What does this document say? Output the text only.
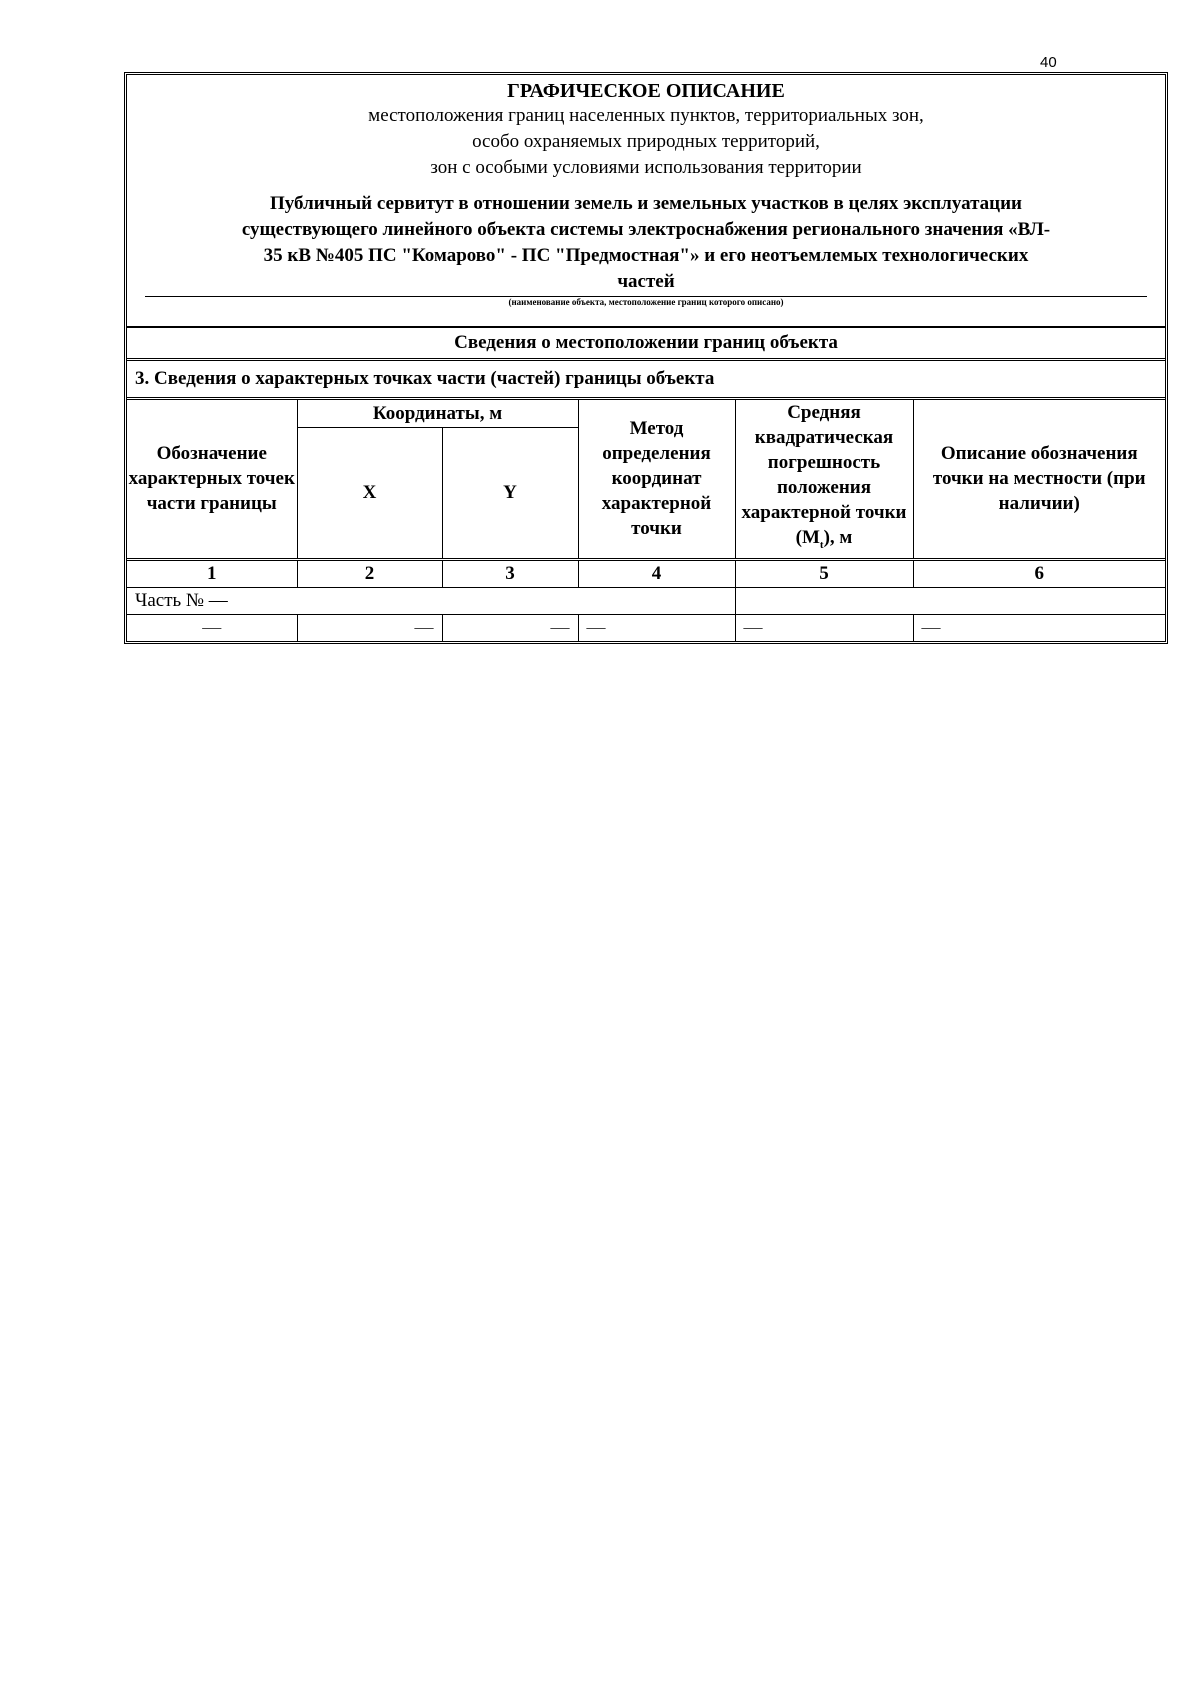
40
ГРАФИЧЕСКОЕ ОПИСАНИЕ
местоположения границ населенных пунктов, территориальных зон,
особо охраняемых природных территорий,
зон с особыми условиями использования территории
Публичный сервитут в отношении земель и земельных участков в целях эксплуатации
существующего линейного объекта системы электроснабжения регионального значения «ВЛ-
35 кВ №405 ПС "Комарово" - ПС "Предмостная"» и его неотъемлемых технологических
частей
(наименование объекта, местоположение границ которого описано)
Сведения о местоположении границ объекта
3. Сведения о характерных точках части (частей) границы объекта
Обозначение характерных точек части границы	Координаты, м		Метод определения координат характерной точки	Средняя квадратическая погрешность положения характерной точки $(M_t)$, м	Описание обозначения точки на местности (при наличии)
	X	Y			
1	2	3	4	5	6
Часть № —					
—	—	—	—	—	—
